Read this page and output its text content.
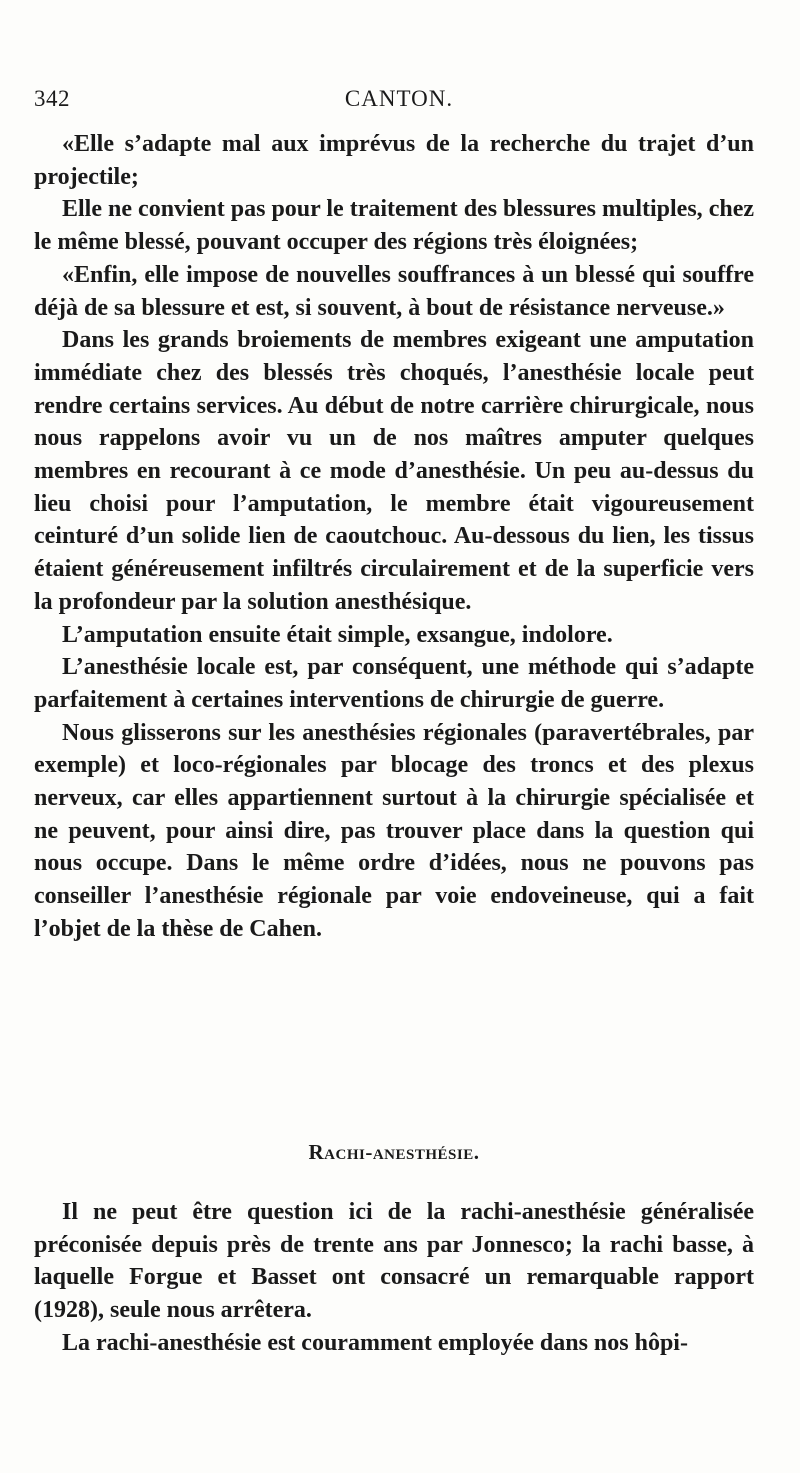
342	CANTON.

«Elle s’adapte mal aux imprévus de la recherche du trajet d’un projectile;

Elle ne convient pas pour le traitement des blessures multiples, chez le même blessé, pouvant occuper des régions très éloignées;

«Enfin, elle impose de nouvelles souffrances à un blessé qui souffre déjà de sa blessure et est, si souvent, à bout de résistance nerveuse.»

Dans les grands broiements de membres exigeant une amputation immédiate chez des blessés très choqués, l’anesthésie locale peut rendre certains services. Au début de notre carrière chirurgicale, nous nous rappelons avoir vu un de nos maîtres amputer quelques membres en recourant à ce mode d’anesthésie. Un peu au-dessus du lieu choisi pour l’amputation, le membre était vigoureusement ceinturé d’un solide lien de caoutchouc. Au-dessous du lien, les tissus étaient généreusement infiltrés circulairement et de la superficie vers la profondeur par la solution anesthésique.

L’amputation ensuite était simple, exsangue, indolore.

L’anesthésie locale est, par conséquent, une méthode qui s’adapte parfaitement à certaines interventions de chirurgie de guerre.

Nous glisserons sur les anesthésies régionales (paravertébrales, par exemple) et loco-régionales par blocage des troncs et des plexus nerveux, car elles appartiennent surtout à la chirurgie spécialisée et ne peuvent, pour ainsi dire, pas trouver place dans la question qui nous occupe. Dans le même ordre d’idées, nous ne pouvons pas conseiller l’anesthésie régionale par voie endoveineuse, qui a fait l’objet de la thèse de Cahen.

Rachi-anesthésie.

Il ne peut être question ici de la rachi-anesthésie généralisée préconisée depuis près de trente ans par Jonnesco; la rachi basse, à laquelle Forgue et Basset ont consacré un remarquable rapport (1928), seule nous arrêtera.

La rachi-anesthésie est couramment employée dans nos hôpi-
